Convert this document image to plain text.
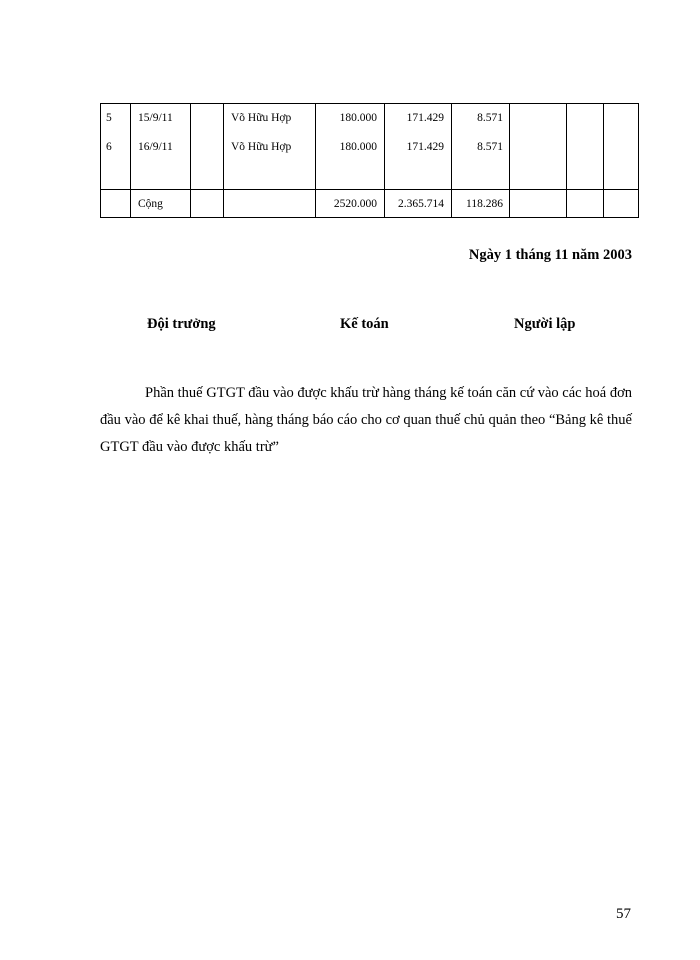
5 15/9/11	Võ Hữu Hợp	180.000	171.429	8.571
6 16/9/11	Võ Hữu Hợp	180.000	171.429	8.571
Cộng	2520.000	2.365.714	118.286
Ngày 1 tháng 11 năm 2003
Đội trưởng	Kế toán	Người lập
Phần thuế GTGT đầu vào được khấu trừ hàng tháng kế toán căn cứ vào các hoá đơn đầu vào để kê khai thuế, hàng tháng báo cáo cho cơ quan thuế chủ quản theo “Bảng kê thuế GTGT đầu vào được khấu trừ”
57
